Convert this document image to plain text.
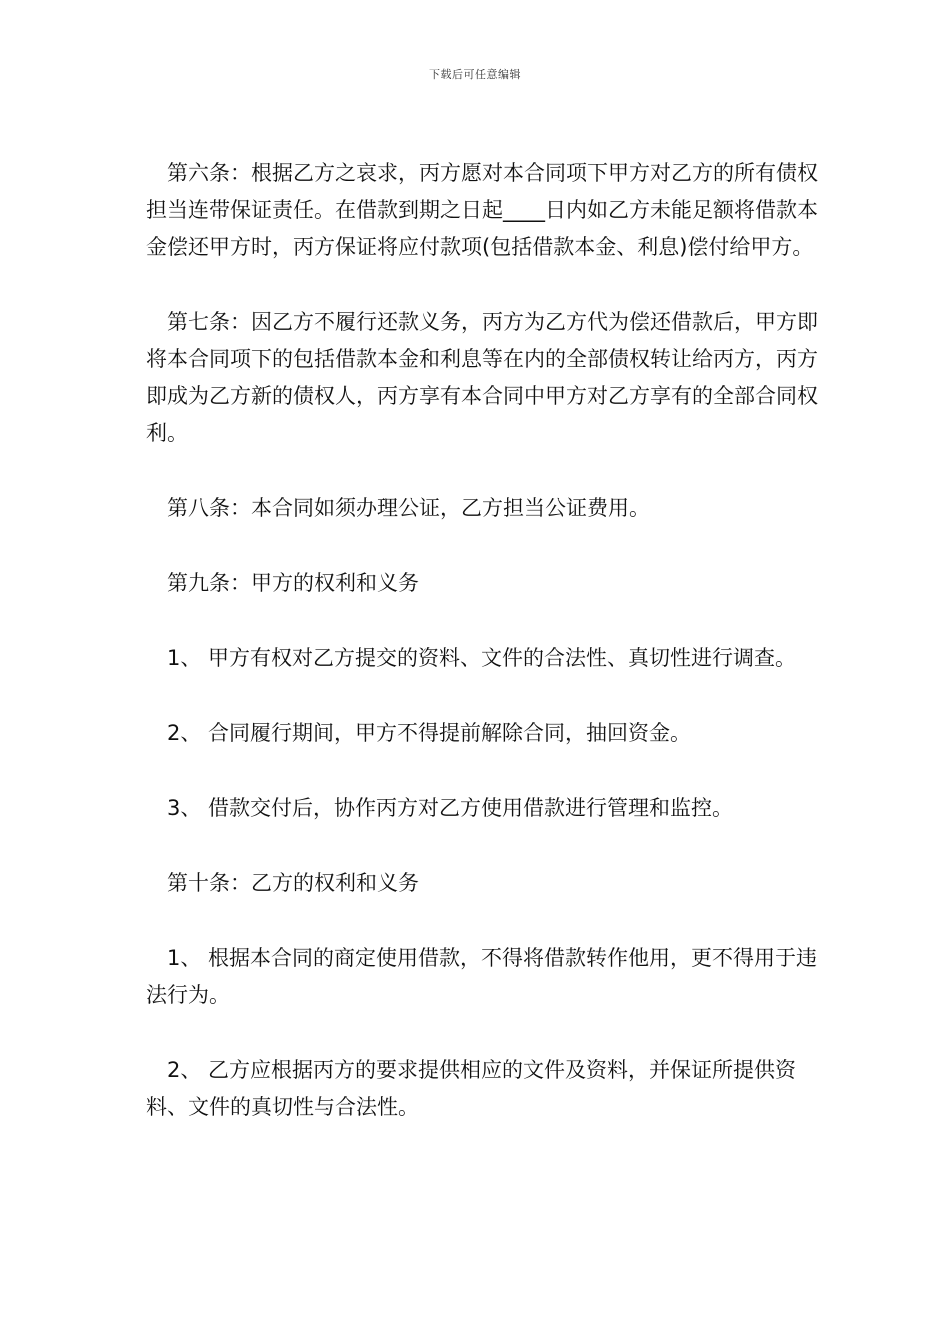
下载后可任意编辑

第六条：根据乙方之哀求，丙方愿对本合同项下甲方对乙方的所有债权担当连带保证责任。在借款到期之日起____日内如乙方未能足额将借款本金偿还甲方时，丙方保证将应付款项(包括借款本金、利息)偿付给甲方。

第七条：因乙方不履行还款义务，丙方为乙方代为偿还借款后，甲方即将本合同项下的包括借款本金和利息等在内的全部债权转让给丙方，丙方即成为乙方新的债权人，丙方享有本合同中甲方对乙方享有的全部合同权利。

第八条：本合同如须办理公证，乙方担当公证费用。

第九条：甲方的权利和义务

1、 甲方有权对乙方提交的资料、文件的合法性、真切性进行调查。

2、 合同履行期间，甲方不得提前解除合同，抽回资金。

3、 借款交付后，协作丙方对乙方使用借款进行管理和监控。

第十条：乙方的权利和义务

1、 根据本合同的商定使用借款，不得将借款转作他用，更不得用于违法行为。

2、 乙方应根据丙方的要求提供相应的文件及资料，并保证所提供资料、文件的真切性与合法性。
